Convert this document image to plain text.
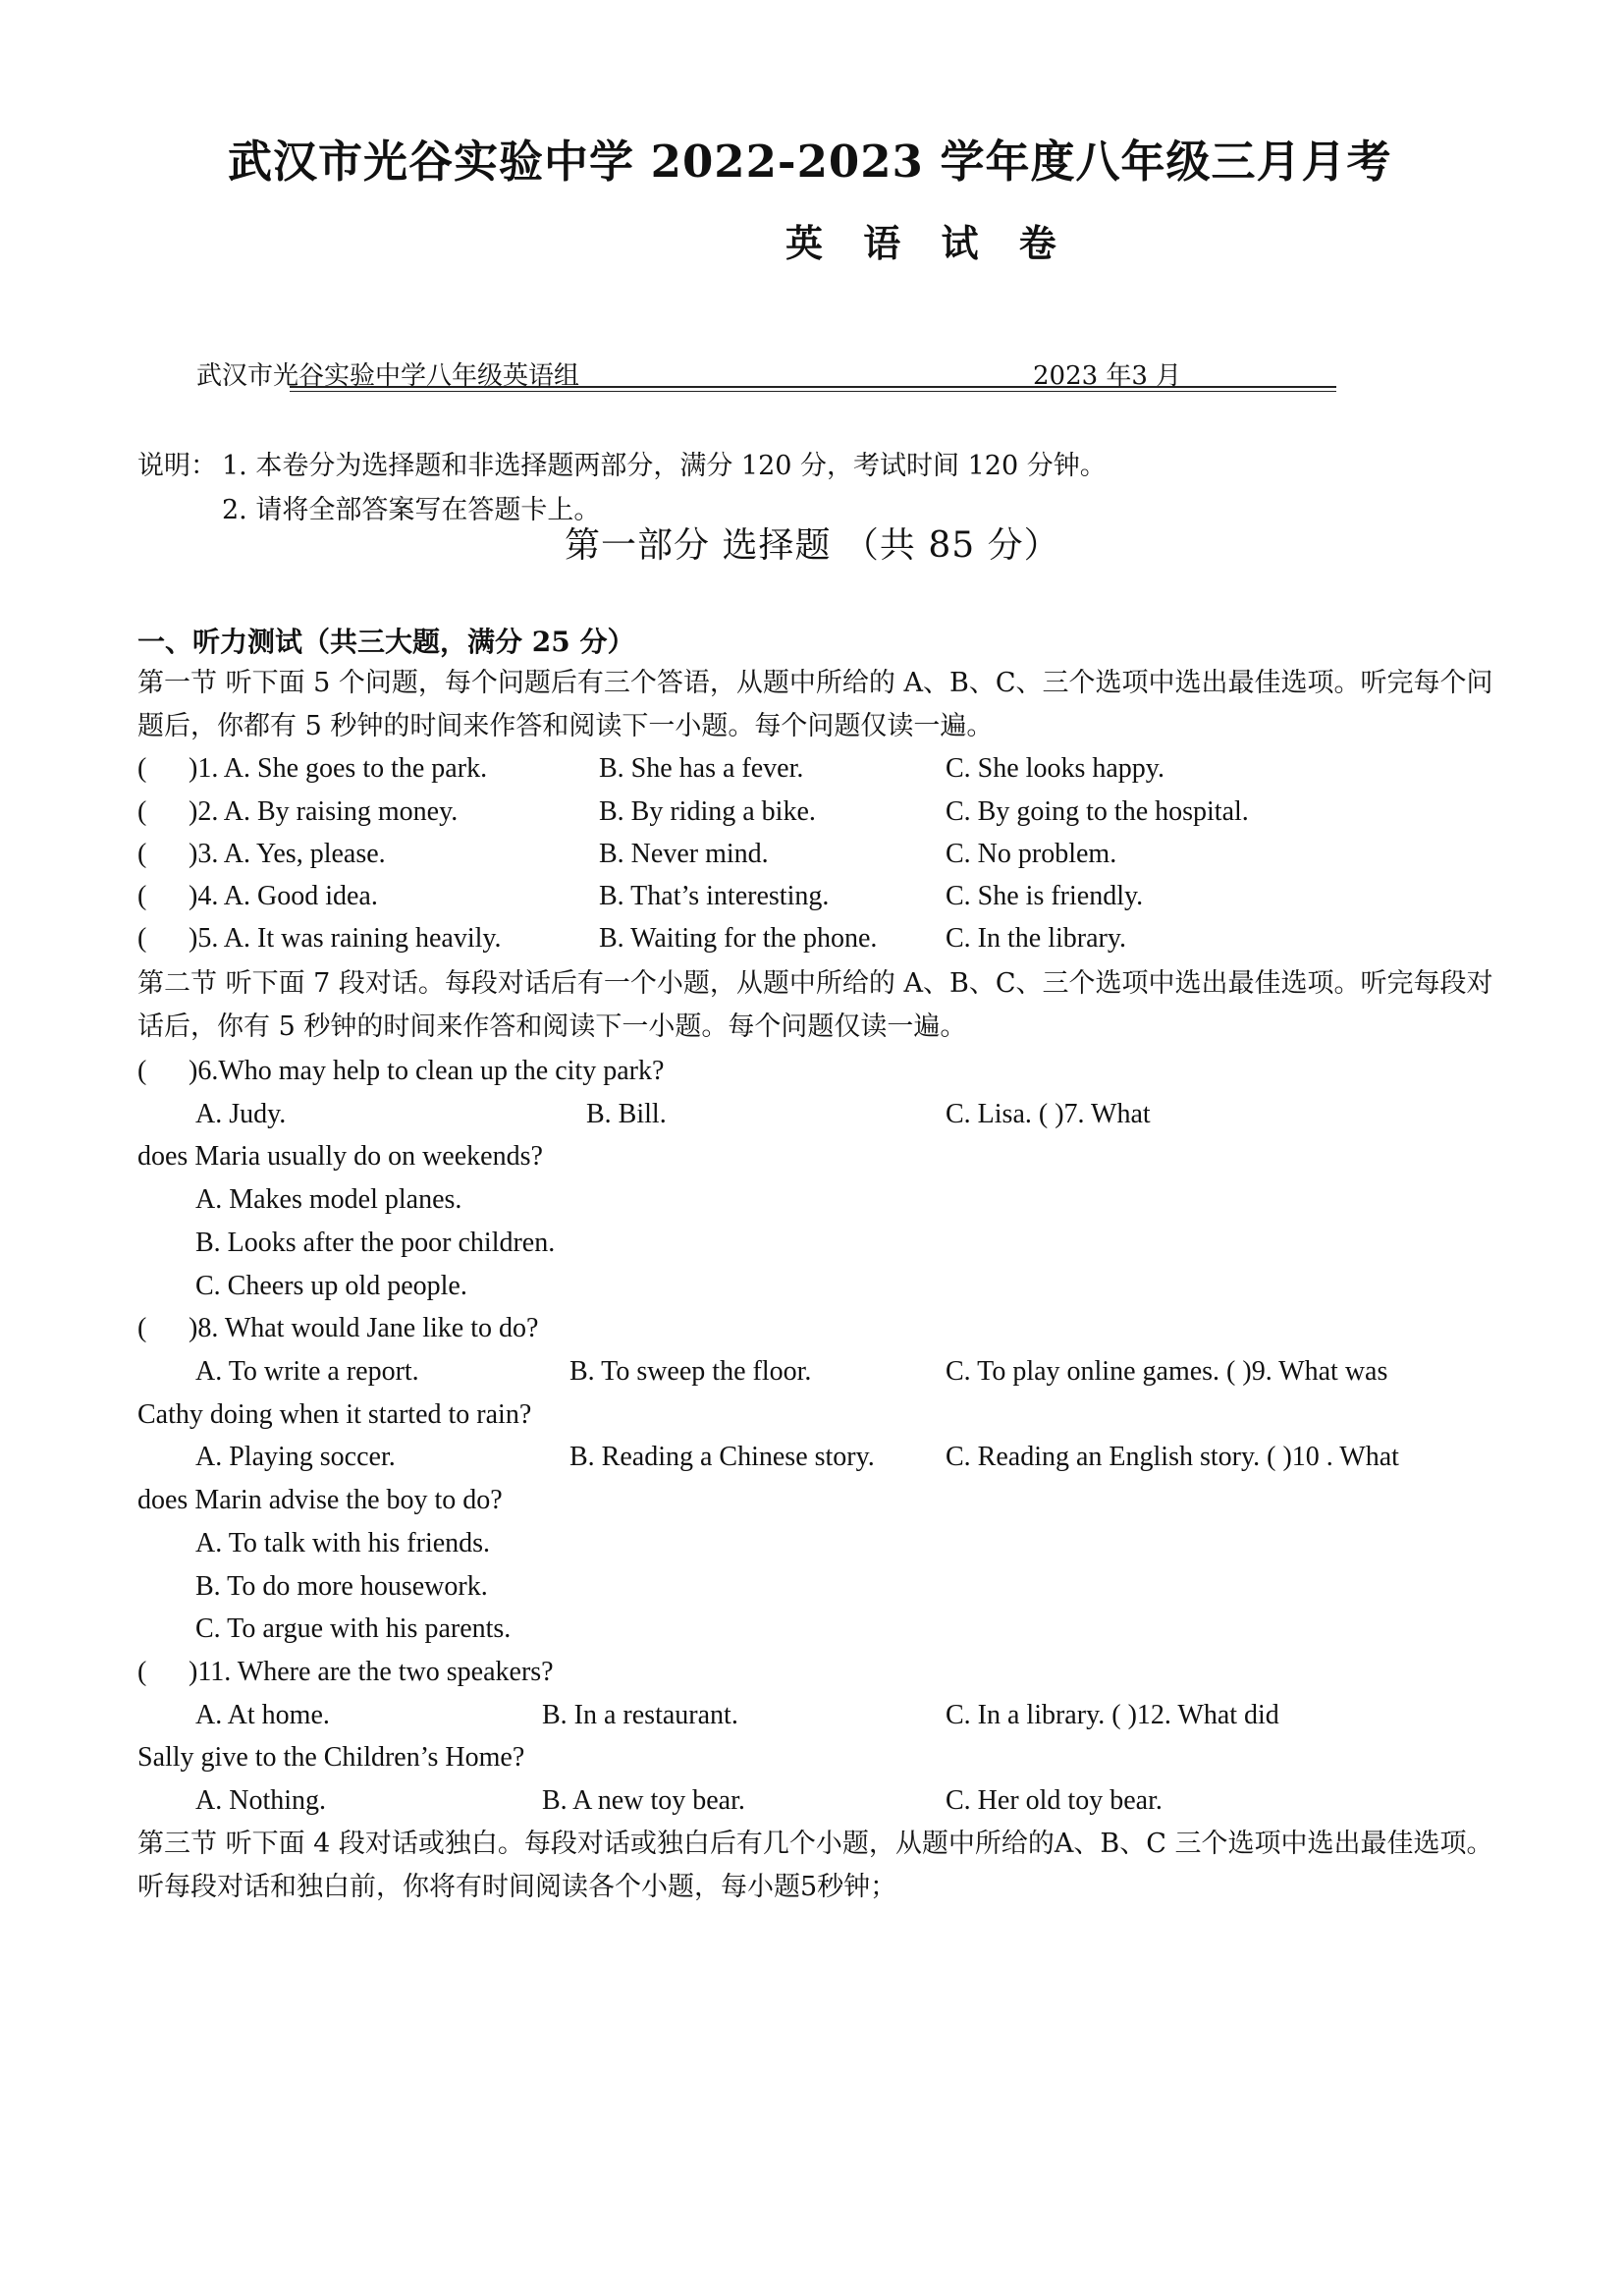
武汉市光谷实验中学 2022-2023 学年度八年级三月月考
英 语 试 卷
武汉市光谷实验中学八年级英语组	2023 年3 月
说明： 1. 本卷分为选择题和非选择题两部分，满分 120 分，考试时间 120 分钟。
2. 请将全部答案写在答题卡上。
第一部分 选择题 （共 85 分）
一、听力测试（共三大题，满分 25 分）
第一节 听下面 5 个问题，每个问题后有三个答语，从题中所给的 A、B、C、三个选项中选出最佳选项。听完每个问题后，你都有 5 秒钟的时间来作答和阅读下一小题。每个问题仅读一遍。
( )1. A. She goes to the park.	B. She has a fever.	C. She looks happy.
( )2. A. By raising money.	B. By riding a bike.	C. By going to the hospital.
( )3. A. Yes, please.	B. Never mind.	C. No problem.
( )4. A. Good idea.	B. That’s interesting.	C. She is friendly.
( )5. A. It was raining heavily.	B. Waiting for the phone. C. In the library.
第二节 听下面 7 段对话。每段对话后有一个小题，从题中所给的 A、B、C、三个选项中选出最佳选项。听完每段对话后，你有 5 秒钟的时间来作答和阅读下一小题。每个问题仅读一遍。
( )6.Who may help to clean up the city park?
A. Judy.	B. Bill.	C. Lisa. ( )7. What
does Maria usually do on weekends?
A. Makes model planes.
B. Looks after the poor children.
C. Cheers up old people.
( )8. What would Jane like to do?
A. To write a report.	B. To sweep the floor.	C. To play online games. ( )9. What was
Cathy doing when it started to rain?
A. Playing soccer.	B. Reading a Chinese story.	C. Reading an English story. ( )10 . What
does Marin advise the boy to do?
A. To talk with his friends.
B. To do more housework.
C. To argue with his parents.
( )11. Where are the two speakers?
A. At home.	B. In a restaurant.	C. In a library. ( )12. What did
Sally give to the Children’s Home?
A. Nothing.	B. A new toy bear.	C. Her old toy bear.
第三节 听下面 4 段对话或独白。每段对话或独白后有几个小题，从题中所给的A、B、C 三个选项中选出最佳选项。听每段对话和独白前，你将有时间阅读各个小题，每小题5秒钟；
